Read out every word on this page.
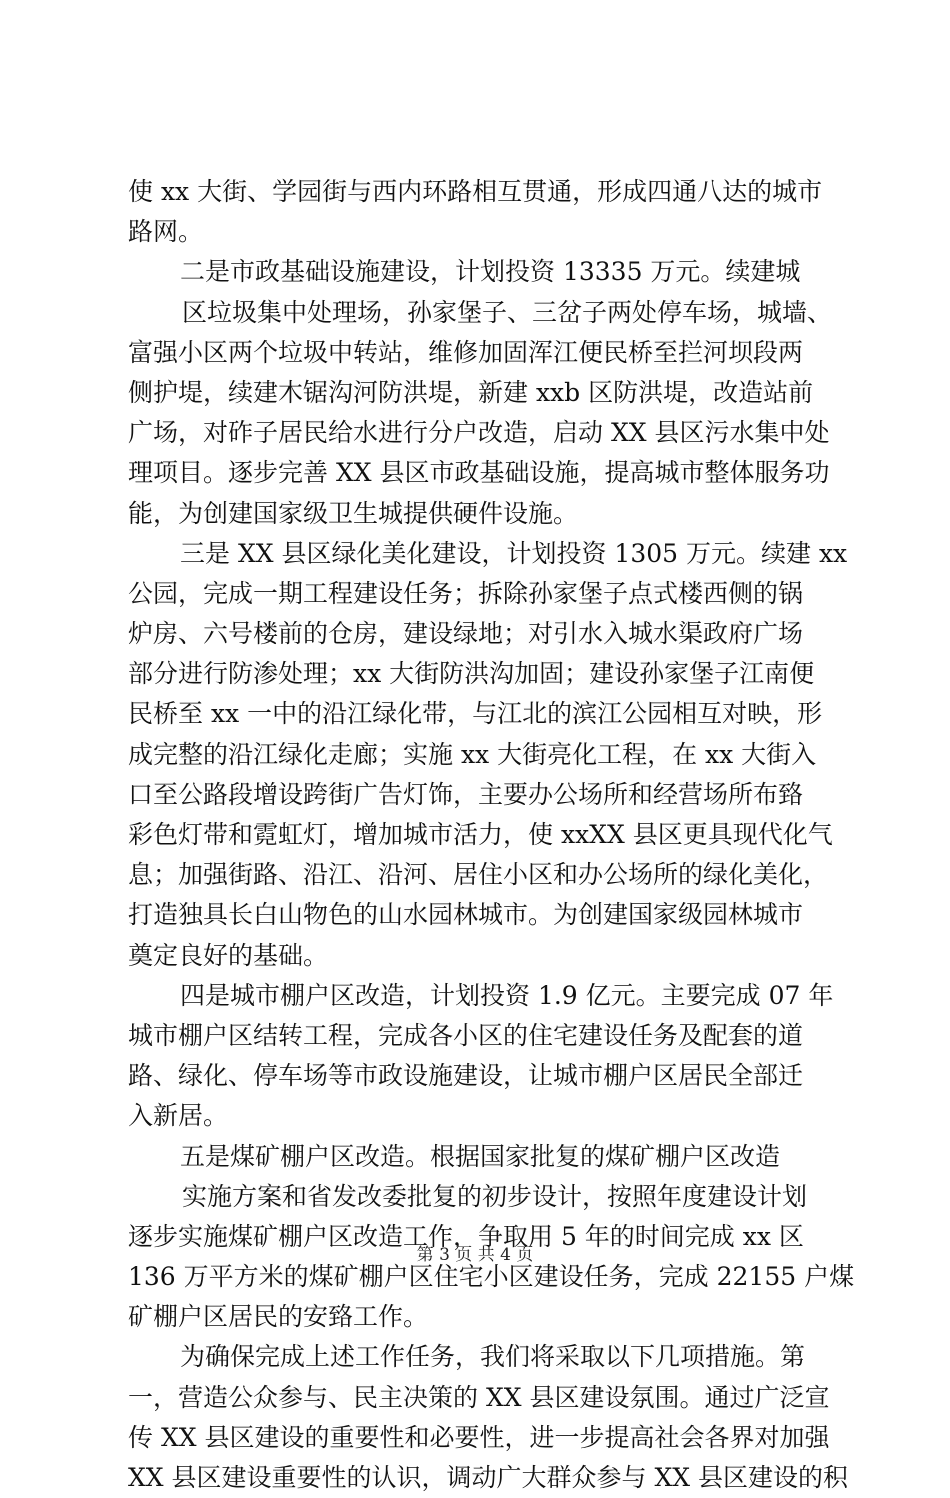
使 xx 大街、学园街与西内环路相互贯通，形成四通八达的城市
路网。
二是市政基础设施建设，计划投资 13335 万元。续建城
区垃圾集中处理场，孙家堡子、三岔子两处停车场，城墙、
富强小区两个垃圾中转站，维修加固浑江便民桥至拦河坝段两
侧护堤，续建木锯沟河防洪堤，新建 xxb 区防洪堤，改造站前
广场，对砟子居民给水进行分户改造，启动 XX 县区污水集中处
理项目。逐步完善 XX 县区市政基础设施，提高城市整体服务功
能，为创建国家级卫生城提供硬件设施。
三是 XX 县区绿化美化建设，计划投资 1305 万元。续建 xx
公园，完成一期工程建设任务；拆除孙家堡子点式楼西侧的锅
炉房、六号楼前的仓房，建设绿地；对引水入城水渠政府广场
部分进行防渗处理；xx 大街防洪沟加固；建设孙家堡子江南便
民桥至 xx 一中的沿江绿化带，与江北的滨江公园相互对映，形
成完整的沿江绿化走廊；实施 xx 大街亮化工程，在 xx 大街入
口至公路段增设跨街广告灯饰，主要办公场所和经营场所布臵
彩色灯带和霓虹灯，增加城市活力，使 xxXX 县区更具现代化气
息；加强街路、沿江、沿河、居住小区和办公场所的绿化美化，
打造独具长白山物色的山水园林城市。为创建国家级园林城市
奠定良好的基础。
四是城市棚户区改造，计划投资 1.9 亿元。主要完成 07 年
城市棚户区结转工程，完成各小区的住宅建设任务及配套的道
路、绿化、停车场等市政设施建设，让城市棚户区居民全部迁
入新居。
五是煤矿棚户区改造。根据国家批复的煤矿棚户区改造
实施方案和省发改委批复的初步设计，按照年度建设计划
逐步实施煤矿棚户区改造工作，争取用 5 年的时间完成 xx 区
136 万平方米的煤矿棚户区住宅小区建设任务，完成 22155 户煤
矿棚户区居民的安臵工作。
为确保完成上述工作任务，我们将采取以下几项措施。第
一，营造公众参与、民主决策的 XX 县区建设氛围。通过广泛宣
传 XX 县区建设的重要性和必要性，进一步提高社会各界对加强
XX 县区建设重要性的认识，调动广大群众参与 XX 县区建设的积
第 3 页 共 4 页
